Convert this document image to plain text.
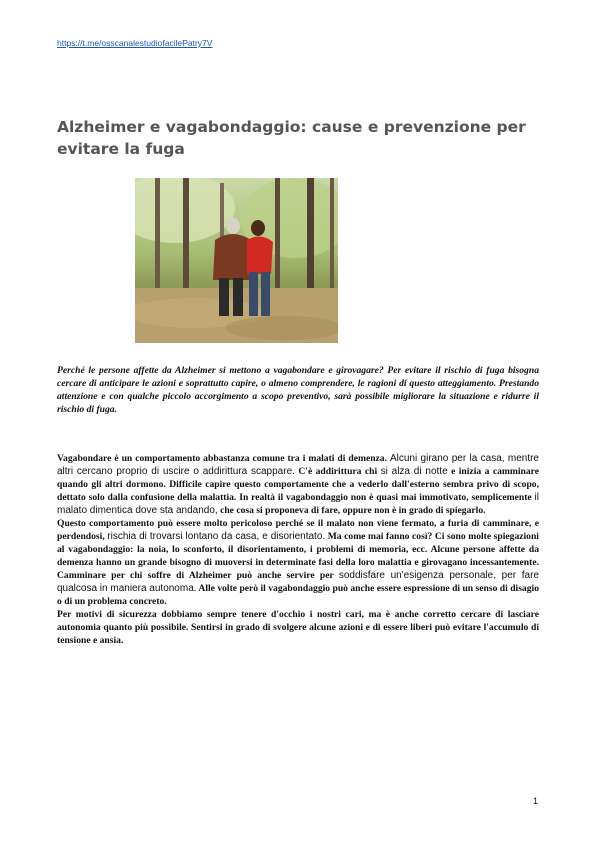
https://t.me/osscanalestudiofacilePatry7V
Alzheimer e vagabondaggio: cause e prevenzione per evitare la fuga

Perché le persone affette da Alzheimer si mettono a vagabondare e girovagare? Per evitare il rischio di fuga bisogna cercare di anticipare le azioni e soprattutto capire, o almeno comprendere, le ragioni di questo atteggiamento. Prestando attenzione e con qualche piccolo accorgimento a scopo preventivo, sarà possibile migliorare la situazione e ridurre il rischio di fuga.

Vagabondare è un comportamento abbastanza comune tra i malati di demenza. Alcuni girano per la casa, mentre altri cercano proprio di uscire o addirittura scappare. C'è addirittura chi si alza di notte e inizia a camminare quando gli altri dormono. Difficile capire questo comportamente che a vederlo dall'esterno sembra privo di scopo, dettato solo dalla confusione della malattia. In realtà il vagabondaggio non è quasi mai immotivato, semplicemente il malato dimentica dove sta andando, che cosa si proponeva di fare, oppure non è in grado di spiegarlo.

Questo comportamento può essere molto pericoloso perché se il malato non viene fermato, a furia di camminare, e perdendosi, rischia di trovarsi lontano da casa, e disorientato. Ma come mai fanno così? Ci sono molte spiegazioni al vagabondaggio: la noia, lo sconforto, il disorientamento, i problemi di memoria, ecc. Alcune persone affette da demenza hanno un grande bisogno di muoversi in determinate fasi della loro malattia e girovagano incessantemente. Camminare per chi soffre di Alzheimer può anche servire per soddisfare un'esigenza personale, per fare qualcosa in maniera autonoma. Alle volte però il vagabondaggio può anche essere espressione di un senso di disagio o di un problema concreto.

Per motivi di sicurezza dobbiamo sempre tenere d'occhio i nostri cari, ma è anche corretto cercare di lasciare autonomia quanto più possibile. Sentirsi in grado di svolgere alcune azioni e di essere liberi può evitare l'accumulo di tensione e ansia.

1
